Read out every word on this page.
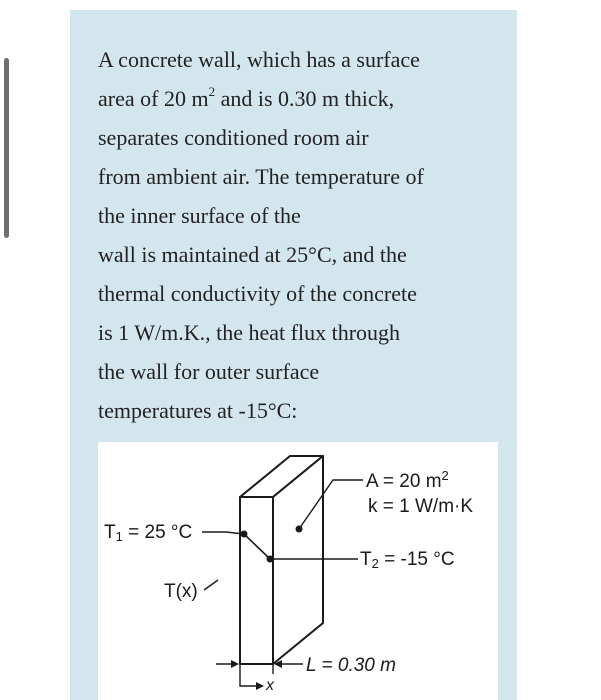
A concrete wall, which has a surface
area of 20 $m^2$ and is 0.30 m thick,
separates conditioned room air
from ambient air. The temperature of
the inner surface of the
wall is maintained at 25°C, and the
thermal conductivity of the concrete
is 1 W/m.K., the heat flux through
the wall for outer surface
temperatures at -15°C:
A = 20 $m^2$
k = 1 W/m·K
$T_1 = 25$ °C
$T_2 = -15$ °C
T(x)
L = 0.30 m
x
